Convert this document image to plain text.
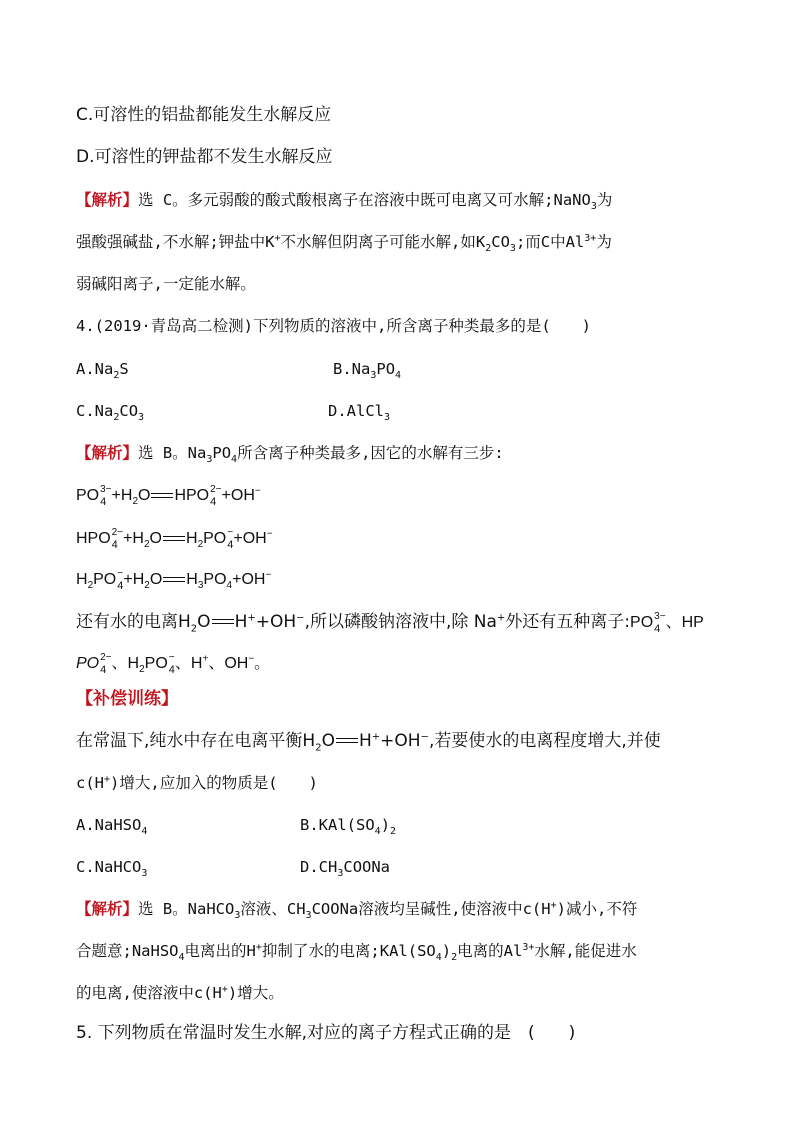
C.可溶性的铝盐都能发生水解反应
D.可溶性的钾盐都不发生水解反应
【解析】选 C。多元弱酸的酸式酸根离子在溶液中既可电离又可水解;NaNO$_3$为
强酸强碱盐,不水解;钾盐中K+不水解但阴离子可能水解,如$K_2CO_3$;而C中$Al^{3+}$为
弱碱阳离子,一定能水解。
4.(2019·青岛高二检测)下列物质的溶液中,所含离子种类最多的是(　　)
$A.Na_2S$	$B.Na_3PO_4$
$C.Na_2CO_3$	D.AlCl$_3$
【解析】选 B。$Na_3PO_4$所含离子种类最多,因它的水解有三步:
PO 3−
$4 +H_2O$ HPO 2−
4 +OH−
HPO 2−
$4 +H_2O$ $H_2$ PO −
4 +OH−
$H_2$ PO −
$4 +H_2O$ $H_3PO_4+OH^-$
还有水的电离$H_2O$ H++OH−,所以磷酸钠溶液中,除 Na+外还有五种离子: PO 3−
4 、HP
PO 2−
4 、$H_2$ PO −
4 、H+、OH−。
【补偿训练】
在常温下,纯水中存在电离平衡$H_2O$ H++OH−,若要使水的电离程度增大,并使
c(H+)增大,应加入的物质是(　　)
A.NaHSO$_4$	$B.KAl(SO_4)_2$
C.NaHCO$_3$	$D.CH_3COONa$
【解析】选 B。NaHCO$_3$溶液、$CH_3COONa$溶液均呈碱性,使溶液中c(H+)减小,不符
合题意;NaHSO$_4$电离出的H+抑制了水的电离$;KAl(SO_4)_2$电离的$Al^{3+}$水解,能促进水
的电离,使溶液中c(H+)增大。
5. 下列物质在常温时发生水解,对应的离子方程式正确的是　(　　)
